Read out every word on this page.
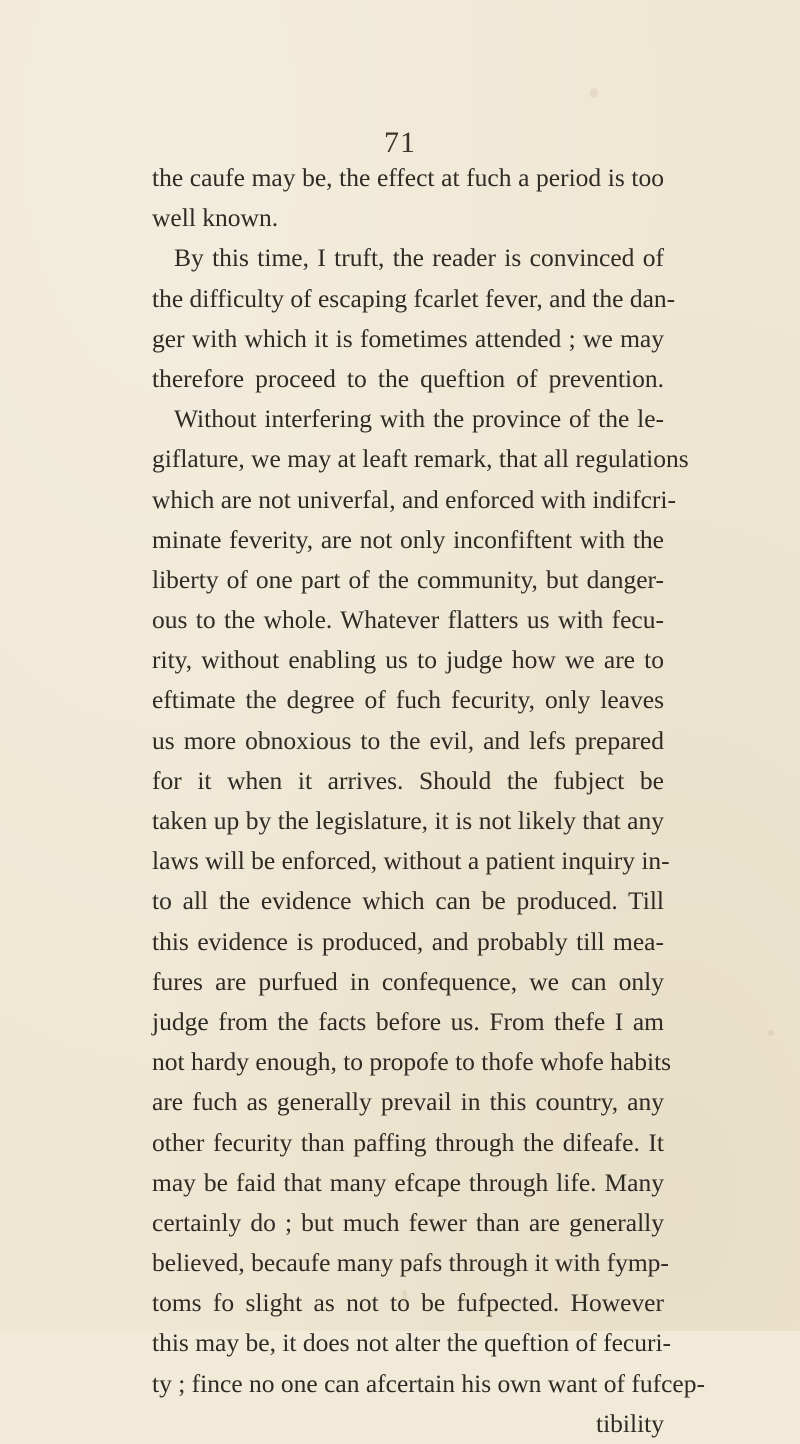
71
the caufe may be, the effect at fuch a period is too
well known.
By this time, I truft, the reader is convinced of
the difficulty of escaping fcarlet fever, and the dan-
ger with which it is fometimes attended ; we may
therefore proceed to the queftion of prevention.
Without interfering with the province of the le-
giflature, we may at leaft remark, that all regulations
which are not univerfal, and enforced with indifcri-
minate feverity, are not only inconfiftent with the
liberty of one part of the community, but danger-
ous to the whole. Whatever flatters us with fecu-
rity, without enabling us to judge how we are to
eftimate the degree of fuch fecurity, only leaves
us more obnoxious to the evil, and lefs prepared
for it when it arrives. Should the fubject be
taken up by the legislature, it is not likely that any
laws will be enforced, without a patient inquiry in-
to all the evidence which can be produced. Till
this evidence is produced, and probably till mea-
fures are purfued in confequence, we can only
judge from the facts before us. From thefe I am
not hardy enough, to propofe to thofe whofe habits
are fuch as generally prevail in this country, any
other fecurity than paffing through the difeafe. It
may be faid that many efcape through life. Many
certainly do ; but much fewer than are generally
believed, becaufe many pafs through it with fymp-
toms fo slight as not to be fufpected. However
this may be, it does not alter the queftion of fecuri-
ty ; fince no one can afcertain his own want of fufcep-
tibility
